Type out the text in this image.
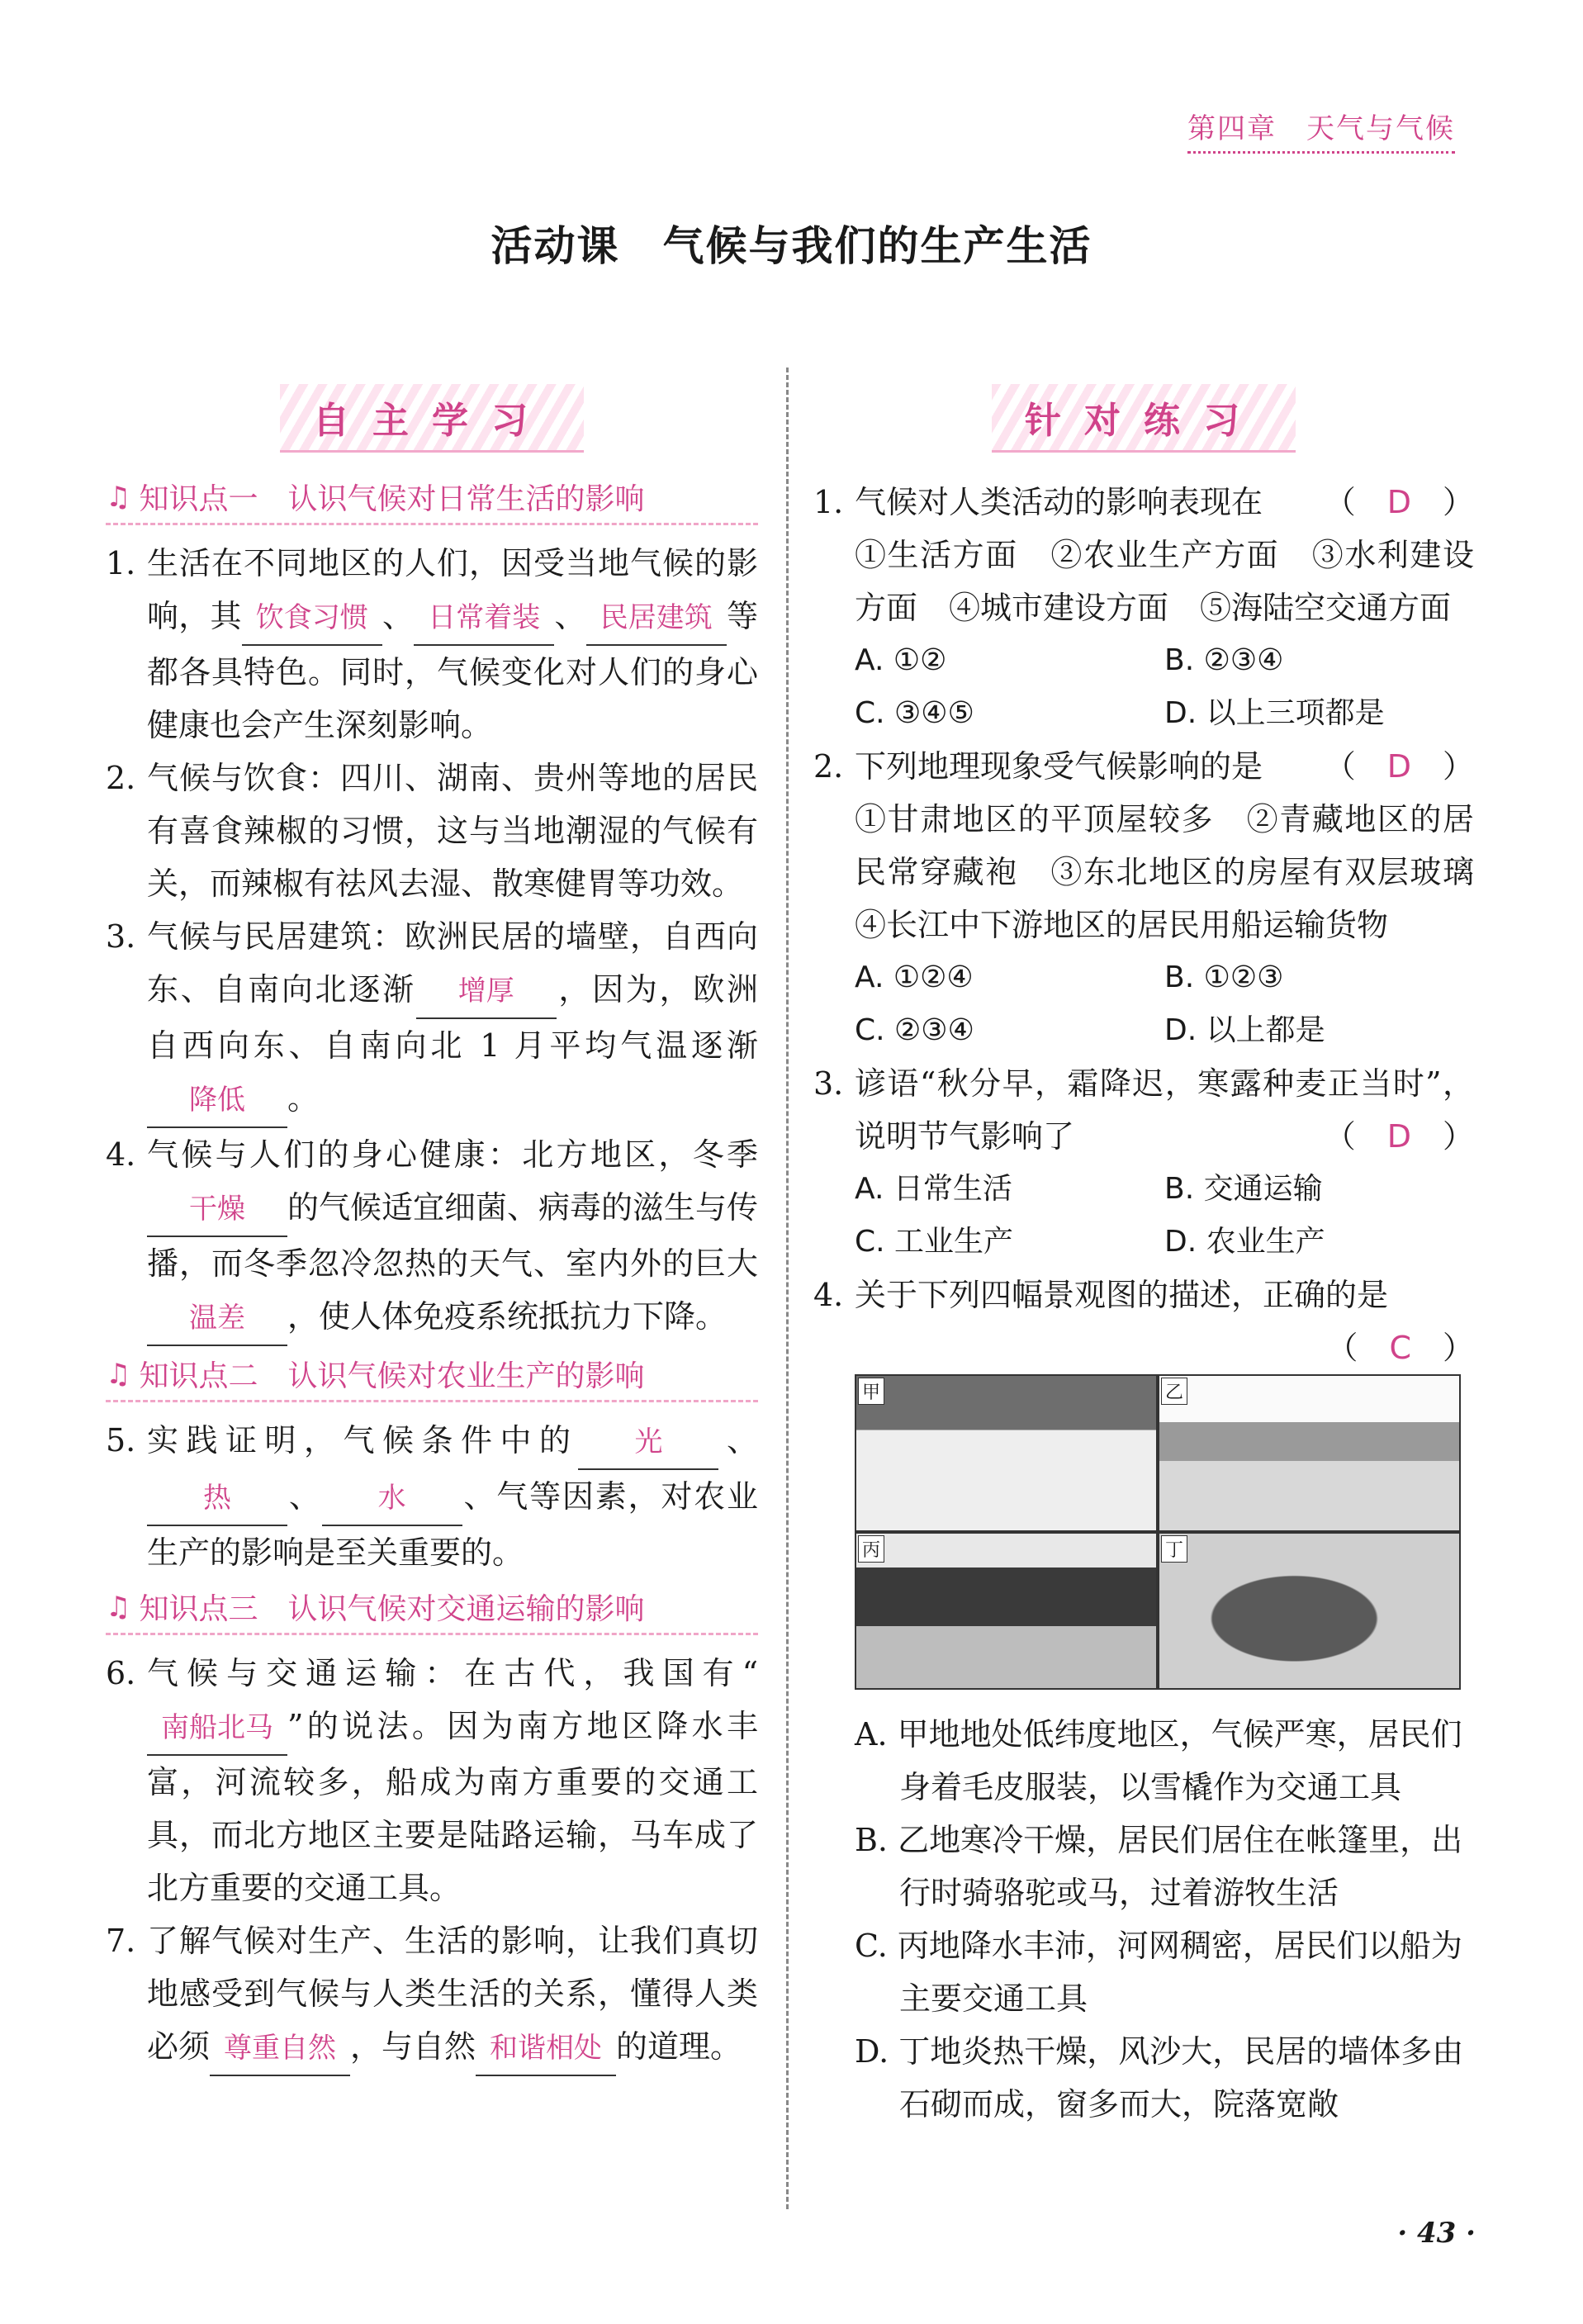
第四章　天气与气候
活动课　气候与我们的生产生活
自主学习
♫ 知识点一　认识气候对日常生活的影响

1. 生活在不同地区的人们，因受当地气候的影响，其 饮食习惯 、 日常着装 、 民居建筑 等都各具特色。同时，气候变化对人们的身心健康也会产生深刻影响。

2. 气候与饮食：四川、湖南、贵州等地的居民有喜食辣椒的习惯，这与当地潮湿的气候有关，而辣椒有祛风去湿、散寒健胃等功效。

3. 气候与民居建筑：欧洲民居的墙壁，自西向东、自南向北逐渐 增厚 ，因为，欧洲自西向东、自南向北 1 月平均气温逐渐降低 。

4. 气候与人们的身心健康：北方地区，冬季干燥 的气候适宜细菌、病毒的滋生与传播，而冬季忽冷忽热的天气、室内外的巨大温差 ，使人体免疫系统抵抗力下降。

♫ 知识点二　认识气候对农业生产的影响

5. 实践证明，气候条件中的 光 、热 、 水 、气等因素，对农业生产的影响是至关重要的。

♫ 知识点三　认识气候对交通运输的影响

6. 气候与交通运输：在古代，我国有“南船北马 ”的说法。因为南方地区降水丰富，河流较多，船成为南方重要的交通工具，而北方地区主要是陆路运输，马车成了北方重要的交通工具。

7. 了解气候对生产、生活的影响，让我们真切地感受到气候与人类生活的关系，懂得人类必须 尊重自然 ，与自然 和谐相处 的道理。

针对练习

1. 气候对人类活动的影响表现在 （　D　）

①生活方面　②农业生产方面　③水利建设方面　④城市建设方面　⑤海陆空交通方面

A. ①②	B. ②③④
C. ③④⑤	D. 以上三项都是

2. 下列地理现象受气候影响的是 （　D　）

①甘肃地区的平顶屋较多　②青藏地区的居民常穿藏袍　③东北地区的房屋有双层玻璃　④长江中下游地区的居民用船运输货物

A. ①②④	B. ①②③
C. ②③④	D. 以上都是

3. 谚语“秋分早，霜降迟，寒露种麦正当时”，说明节气影响了	（　D　）

A. 日常生活	B. 交通运输
C. 工业生产	D. 农业生产

4. 关于下列四幅景观图的描述，正确的是

（　C　）

甲	乙
丙	丁
A. 甲地地处低纬度地区，气候严寒，居民们身着毛皮服装，以雪橇作为交通工具
B. 乙地寒冷干燥，居民们居住在帐篷里，出行时骑骆驼或马，过着游牧生活
C. 丙地降水丰沛，河网稠密，居民们以船为主要交通工具
D. 丁地炎热干燥，风沙大，民居的墙体多由石砌而成，窗多而大，院落宽敞
· 43 ·
